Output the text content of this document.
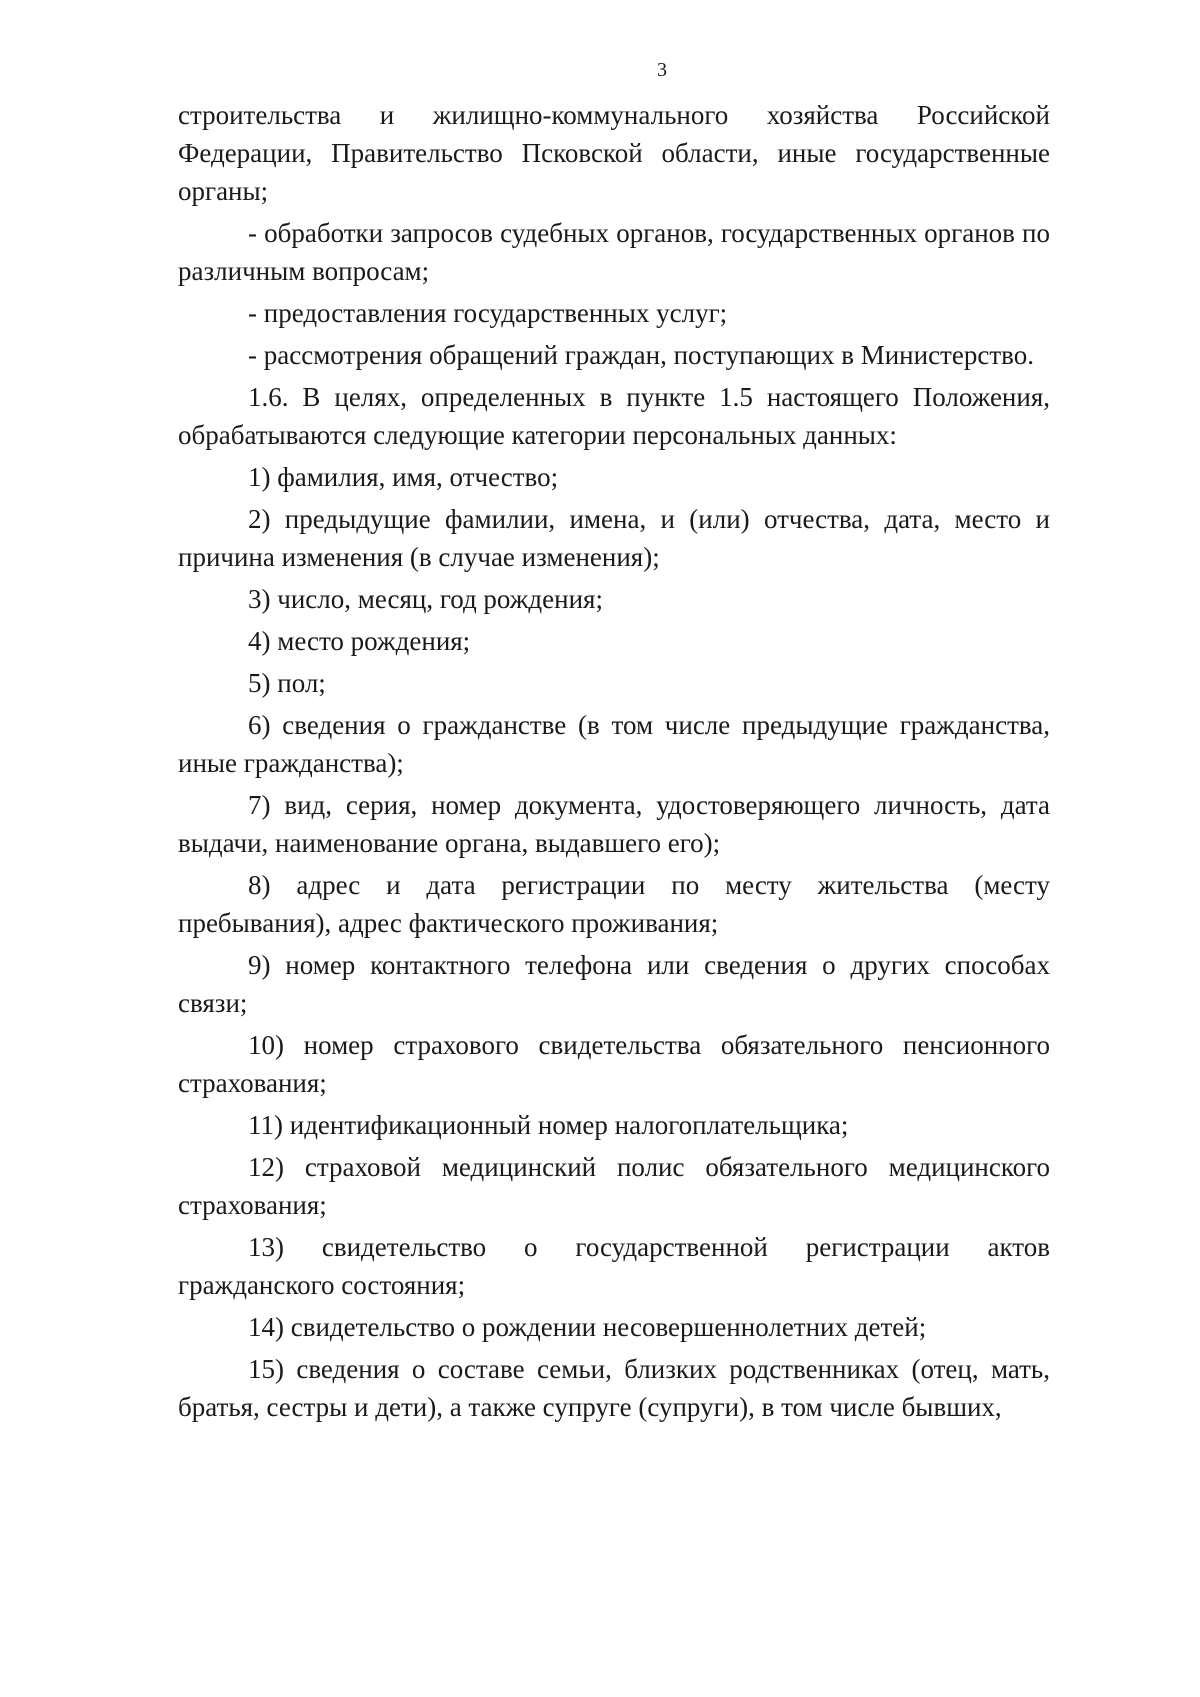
3

строительства и жилищно-коммунального хозяйства Российской Федерации, Правительство Псковской области, иные государственные органы;

- обработки запросов судебных органов, государственных органов по различным вопросам;

- предоставления государственных услуг;

- рассмотрения обращений граждан, поступающих в Министерство.

1.6. В целях, определенных в пункте 1.5 настоящего Положения, обрабатываются следующие категории персональных данных:

1) фамилия, имя, отчество;

2) предыдущие фамилии, имена, и (или) отчества, дата, место и причина изменения (в случае изменения);

3) число, месяц, год рождения;

4) место рождения;

5) пол;

6) сведения о гражданстве (в том числе предыдущие гражданства, иные гражданства);

7) вид, серия, номер документа, удостоверяющего личность, дата выдачи, наименование органа, выдавшего его);

8) адрес и дата регистрации по месту жительства (месту пребывания), адрес фактического проживания;

9) номер контактного телефона или сведения о других способах связи;

10) номер страхового свидетельства обязательного пенсионного страхования;

11) идентификационный номер налогоплательщика;

12) страховой медицинский полис обязательного медицинского страхования;

13) свидетельство о государственной регистрации актов гражданского состояния;

14) свидетельство о рождении несовершеннолетних детей;

15) сведения о составе семьи, близких родственниках (отец, мать, братья, сестры и дети), а также супруге (супруги), в том числе бывших,
